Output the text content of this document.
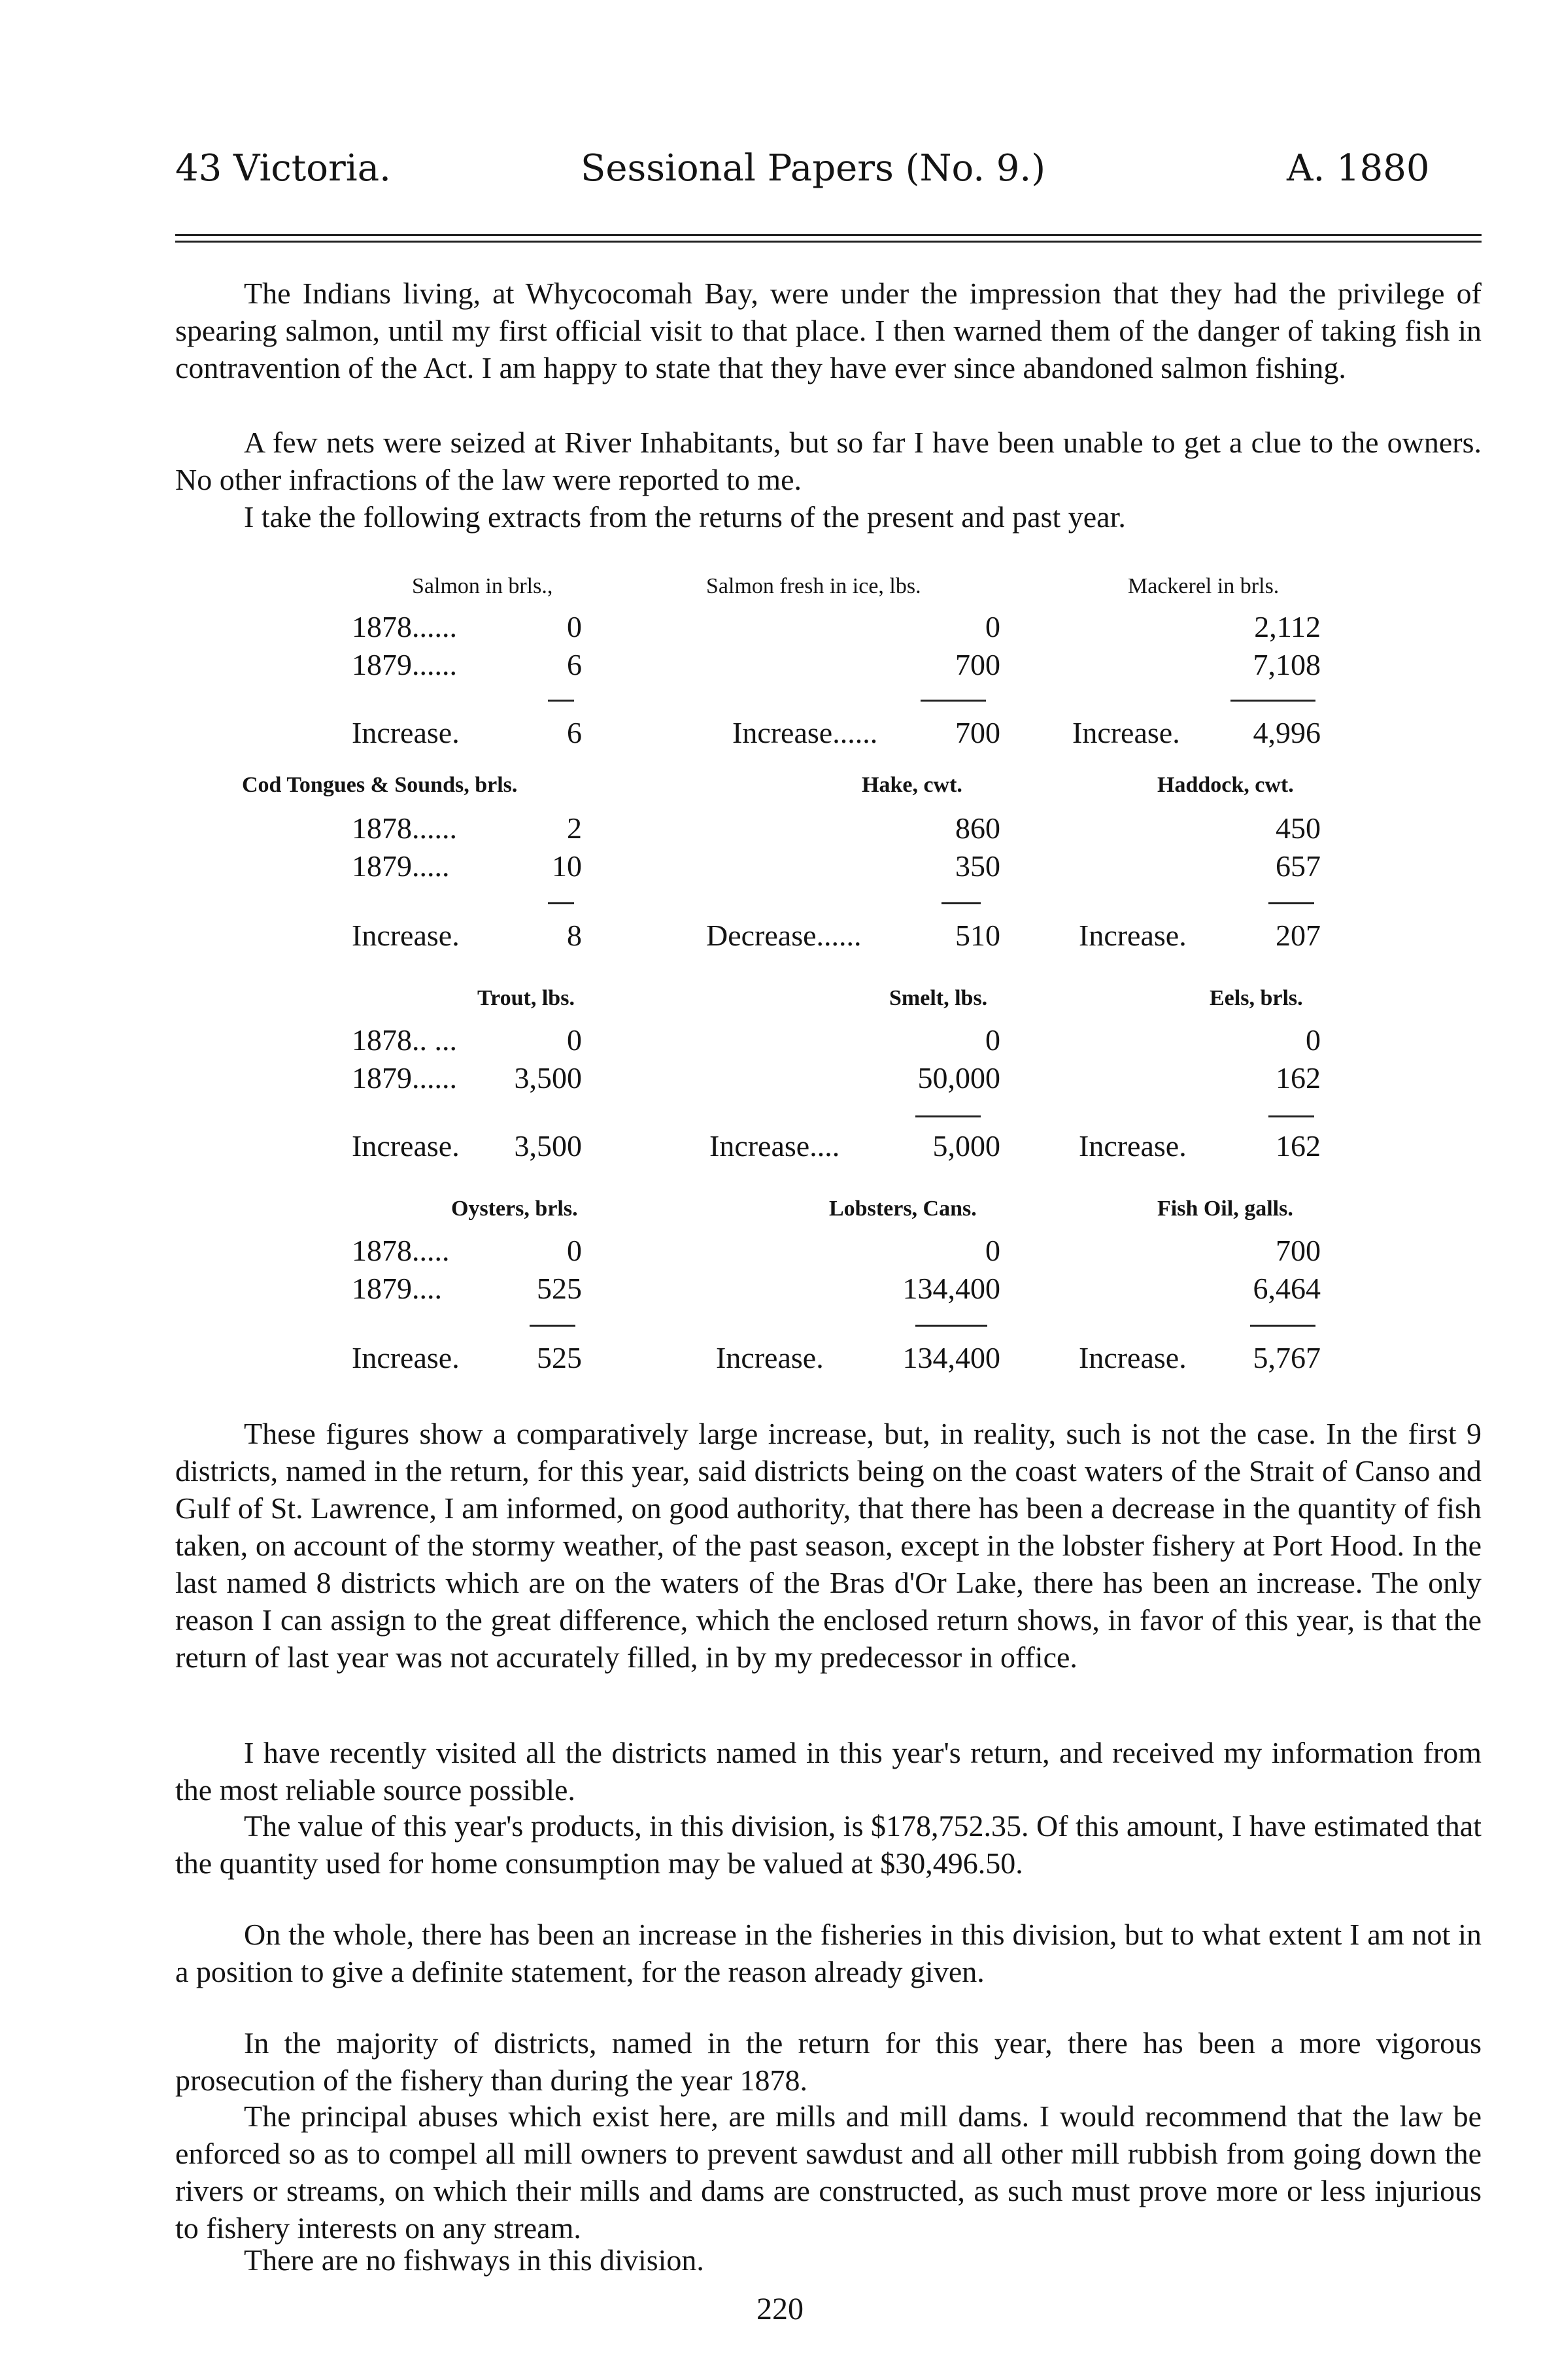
43 Victoria.	Sessional Papers (No. 9.)	A. 1880
The Indians living, at Whycocomah Bay, were under the impression that they had the privilege of spearing salmon, until my first official visit to that place. I then warned them of the danger of taking fish in contravention of the Act. I am happy to state that they have ever since abandoned salmon fishing.
A few nets were seized at River Inhabitants, but so far I have been unable to get a clue to the owners. No other infractions of the law were reported to me.
I take the following extracts from the returns of the present and past year.
Salmon in brls.,	Salmon fresh in ice, lbs.	Mackerel in brls.
1878......	0	0	2,112
1879......	6	700	7,108
Increase.	6	Increase......	700 Increase.	4,996
Cod Tongues & Sounds, brls.	Hake, cwt.	Haddock, cwt.
1878......	2	860	450
1879.....	10	350	657
Increase.	8	Decrease......	510	Increase.	207
Trout, lbs.	Smelt, lbs.	Eels, brls.
1878.. ...	0	0	0
1879......	3,500	50,000	162
Increase.	3,500	Increase....	5,000	Increase.	162
Oysters, brls.	Lobsters, Cans.	Fish Oil, galls.
1878.....	0	0	700
1879....	525	134,400	6,464
Increase.	525	Increase.	134,400	Increase.	5,767
These figures show a comparatively large increase, but, in reality, such is not the case. In the first 9 districts, named in the return, for this year, said districts being on the coast waters of the Strait of Canso and Gulf of St. Lawrence, I am informed, on good authority, that there has been a decrease in the quantity of fish taken, on account of the stormy weather, of the past season, except in the lobster fishery at Port Hood. In the last named 8 districts which are on the waters of the Bras d'Or Lake, there has been an increase. The only reason I can assign to the great difference, which the enclosed return shows, in favor of this year, is that the return of last year was not accurately filled, in by my predecessor in office.
I have recently visited all the districts named in this year's return, and received my information from the most reliable source possible.
The value of this year's products, in this division, is $178,752.35. Of this amount, I have estimated that the quantity used for home consumption may be valued at $30,496.50.
On the whole, there has been an increase in the fisheries in this division, but to what extent I am not in a position to give a definite statement, for the reason already given.
In the majority of districts, named in the return for this year, there has been a more vigorous prosecution of the fishery than during the year 1878.
The principal abuses which exist here, are mills and mill dams. I would recommend that the law be enforced so as to compel all mill owners to prevent sawdust and all other mill rubbish from going down the rivers or streams, on which their mills and dams are constructed, as such must prove more or less injurious to fishery interests on any stream.
There are no fishways in this division.
220
